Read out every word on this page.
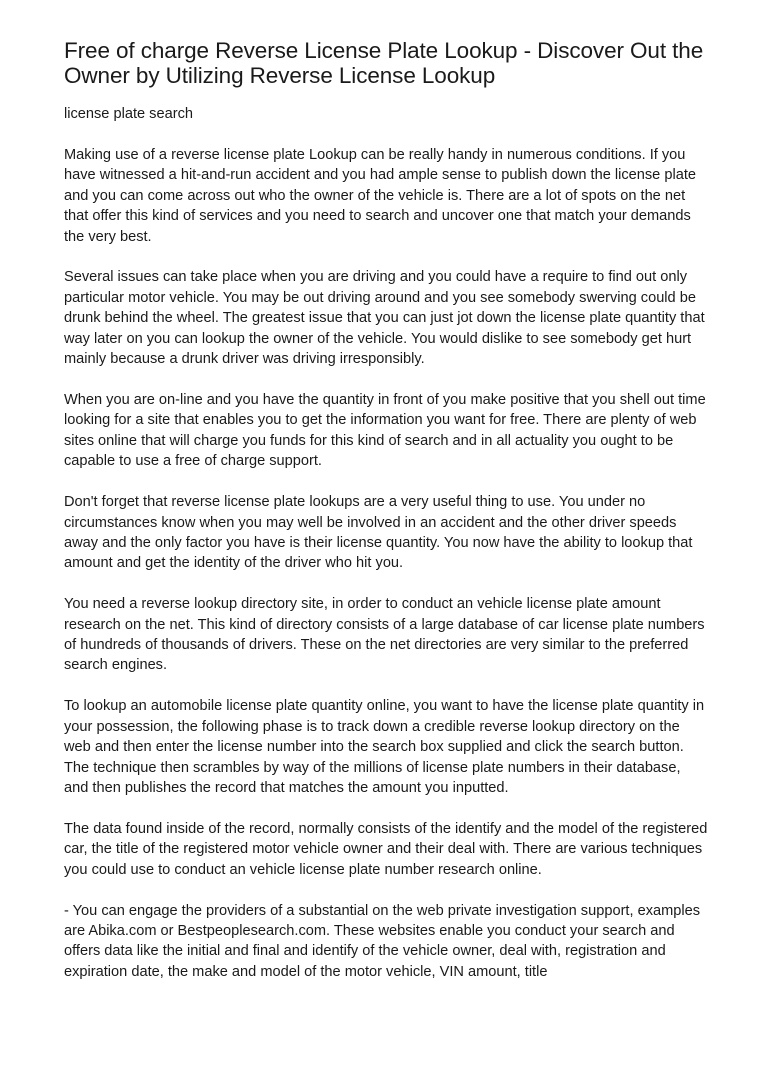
Free of charge Reverse License Plate Lookup - Discover Out the Owner by Utilizing Reverse License Lookup
license plate search

Making use of a reverse license plate Lookup can be really handy in numerous conditions. If you have witnessed a hit-and-run accident and you had ample sense to publish down the license plate and you can come across out who the owner of the vehicle is. There are a lot of spots on the net that offer this kind of services and you need to search and uncover one that match your demands the very best.

Several issues can take place when you are driving and you could have a require to find out only particular motor vehicle. You may be out driving around and you see somebody swerving could be drunk behind the wheel. The greatest issue that you can just jot down the license plate quantity that way later on you can lookup the owner of the vehicle. You would dislike to see somebody get hurt mainly because a drunk driver was driving irresponsibly.

When you are on-line and you have the quantity in front of you make positive that you shell out time looking for a site that enables you to get the information you want for free. There are plenty of web sites online that will charge you funds for this kind of search and in all actuality you ought to be capable to use a free of charge support.

Don't forget that reverse license plate lookups are a very useful thing to use. You under no circumstances know when you may well be involved in an accident and the other driver speeds away and the only factor you have is their license quantity. You now have the ability to lookup that amount and get the identity of the driver who hit you.

You need a reverse lookup directory site, in order to conduct an vehicle license plate amount research on the net. This kind of directory consists of a large database of car license plate numbers of hundreds of thousands of drivers. These on the net directories are very similar to the preferred search engines.

To lookup an automobile license plate quantity online, you want to have the license plate quantity in your possession, the following phase is to track down a credible reverse lookup directory on the web and then enter the license number into the search box supplied and click the search button. The technique then scrambles by way of the millions of license plate numbers in their database, and then publishes the record that matches the amount you inputted.

The data found inside of the record, normally consists of the identify and the model of the registered car, the title of the registered motor vehicle owner and their deal with. There are various techniques you could use to conduct an vehicle license plate number research online.

- You can engage the providers of a substantial on the web private investigation support, examples are Abika.com or Bestpeoplesearch.com. These websites enable you conduct your search and offers data like the initial and final and identify of the vehicle owner, deal with, registration and expiration date, the make and model of the motor vehicle, VIN amount, title
